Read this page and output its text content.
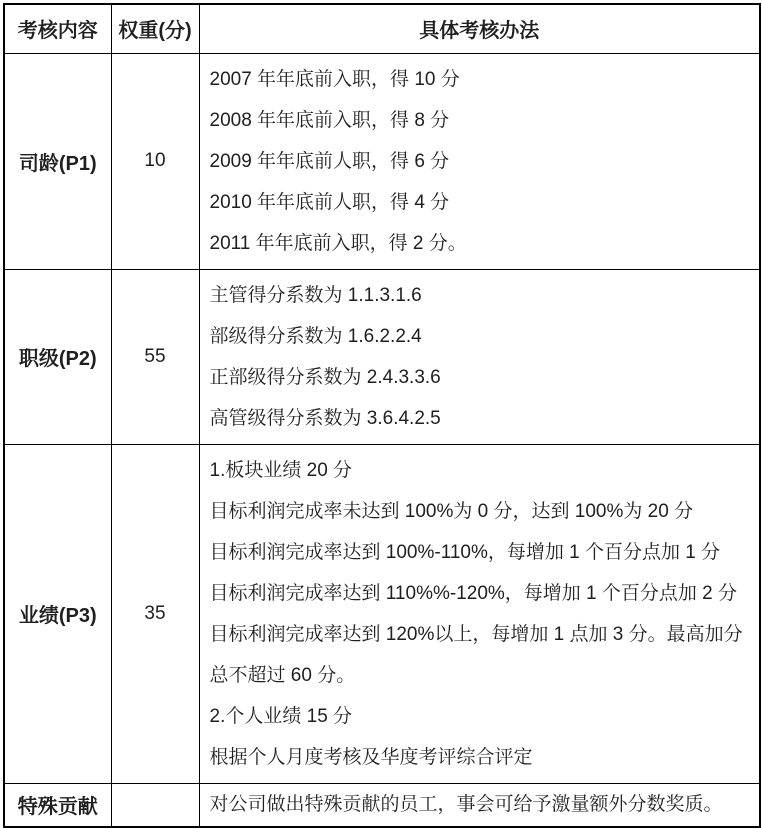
考核内容	权重(分)	具体考核办法
司龄(P1)	10	2007 年年底前入职，得 10 分
2008 年年底前入职，得 8 分
2009 年年底前人职，得 6 分
2010 年年底前人职，得 4 分
2011 年年底前入职，得 2 分。

职级(P2)	55	主管得分系数为 1.1.3.1.6
部级得分系数为 1.6.2.2.4
正部级得分系数为 2.4.3.3.6
高管级得分系数为 3.6.4.2.5

业绩(P3)	35	
1.板块业绩 20 分
目标利润完成率未达到 100%为 0 分，达到 100%为 20 分
目标利润完成率达到 100%-110%，每增加 1 个百分点加 1 分
目标利润完成率达到 110%%-120%，每增加 1 个百分点加 2 分
目标利润完成率达到 120%以上，每增加 1 点加 3 分。最高加分总不超过 60 分。
2.个人业绩 15 分
根据个人月度考核及华度考评综合评定

特殊贡献		对公司做出特殊贡献的员工，事会可给予激量额外分数奖质。
